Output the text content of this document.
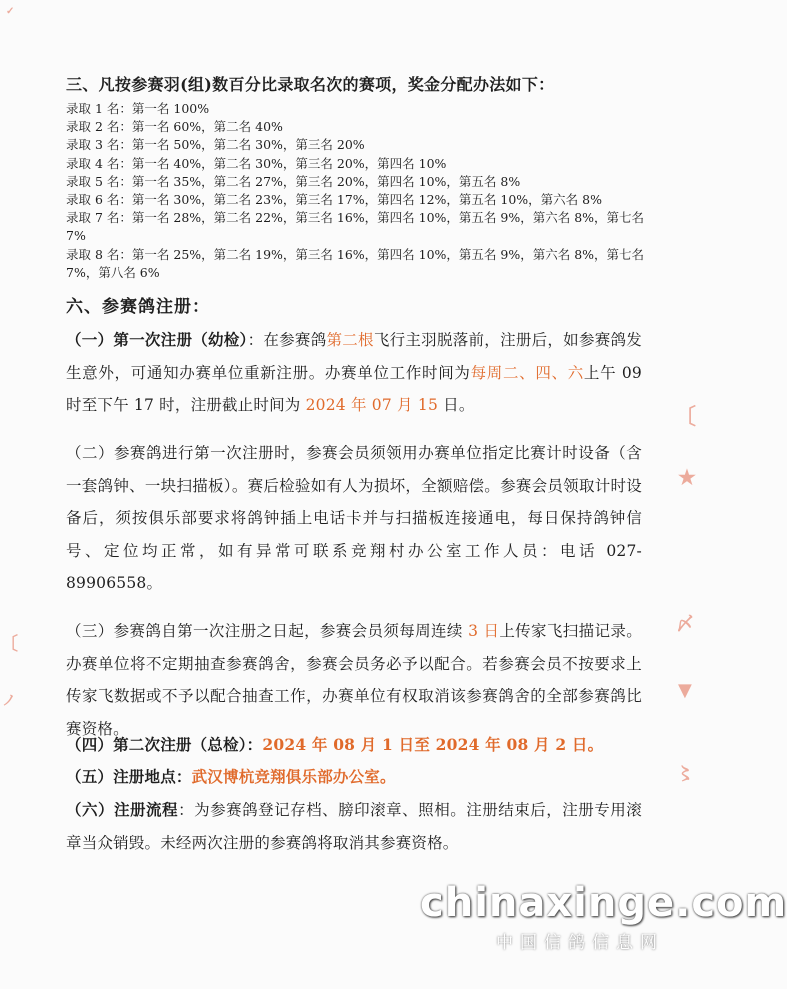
三、凡按参赛羽(组)数百分比录取名次的赛项，奖金分配办法如下：
录取 1 名：第一名 100%
录取 2 名：第一名 60%，第二名 40%
录取 3 名：第一名 50%，第二名 30%，第三名 20%
录取 4 名：第一名 40%，第二名 30%，第三名 20%，第四名 10%
录取 5 名：第一名 35%，第二名 27%，第三名 20%，第四名 10%，第五名 8%
录取 6 名：第一名 30%，第二名 23%，第三名 17%，第四名 12%，第五名 10%，第六名 8%
录取 7 名：第一名 28%，第二名 22%，第三名 16%，第四名 10%，第五名 9%，第六名 8%，第七名 7%
录取 8 名：第一名 25%，第二名 19%，第三名 16%，第四名 10%，第五名 9%，第六名 8%，第七名 7%，第八名 6%
六、参赛鸽注册：
（一）第一次注册（幼检）：在参赛鸽第二根飞行主羽脱落前，注册后，如参赛鸽发生意外，可通知办赛单位重新注册。办赛单位工作时间为每周二、四、六上午 09 时至下午 17 时，注册截止时间为 2024 年 07 月 15 日。
（二）参赛鸽进行第一次注册时，参赛会员须领用办赛单位指定比赛计时设备（含一套鸽钟、一块扫描板）。赛后检验如有人为损坏，全额赔偿。参赛会员领取计时设备后，须按俱乐部要求将鸽钟插上电话卡并与扫描板连接通电，每日保持鸽钟信号、定位均正常，如有异常可联系竞翔村办公室工作人员：电话 027-89906558。
（三）参赛鸽自第一次注册之日起，参赛会员须每周连续 3 日上传家飞扫描记录。办赛单位将不定期抽查参赛鸽舍，参赛会员务必予以配合。若参赛会员不按要求上传家飞数据或不予以配合抽查工作，办赛单位有权取消该参赛鸽舍的全部参赛鸽比赛资格。
（四）第二次注册（总检）：2024 年 08 月 1 日至 2024 年 08 月 2 日。
（五）注册地点：武汉博杭竞翔俱乐部办公室。
（六）注册流程：为参赛鸽登记存档、膀印滚章、照相。注册结束后，注册专用滚章当众销毁。未经两次注册的参赛鸽将取消其参赛资格。
✓
〔
★
〆
▼
〻
〔
ノ
chinaxinge.com
中国信鸽信息网
